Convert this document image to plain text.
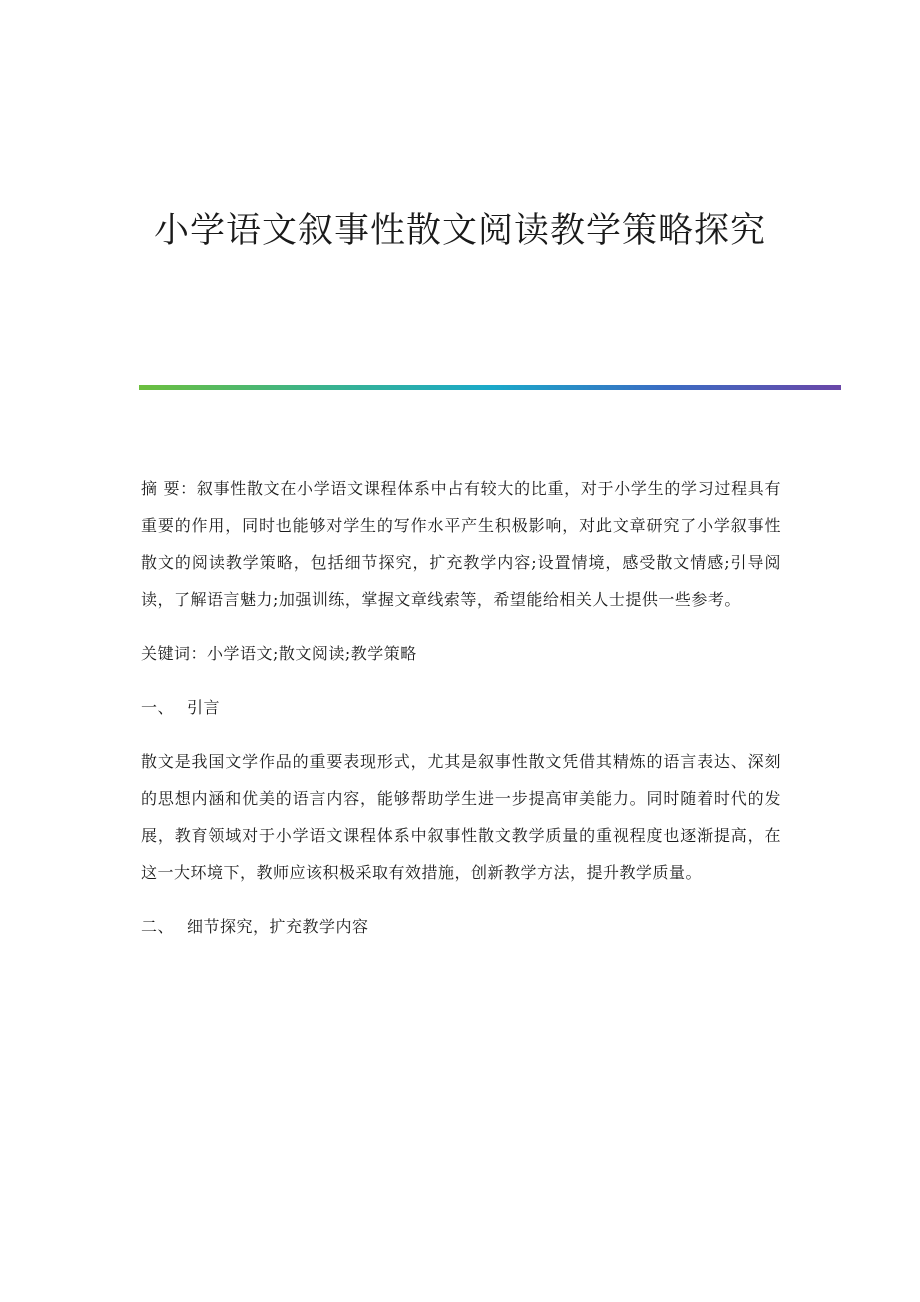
小学语文叙事性散文阅读教学策略探究

摘 要：叙事性散文在小学语文课程体系中占有较大的比重，对于小学生的学习过程具有重要的作用，同时也能够对学生的写作水平产生积极影响，对此文章研究了小学叙事性散文的阅读教学策略，包括细节探究，扩充教学内容;设置情境，感受散文情感;引导阅读，了解语言魅力;加强训练，掌握文章线索等，希望能给相关人士提供一些参考。

关键词：小学语文;散文阅读;教学策略

一、 引言

散文是我国文学作品的重要表现形式，尤其是叙事性散文凭借其精炼的语言表达、深刻的思想内涵和优美的语言内容，能够帮助学生进一步提高审美能力。同时随着时代的发展，教育领域对于小学语文课程体系中叙事性散文教学质量的重视程度也逐渐提高，在这一大环境下，教师应该积极采取有效措施，创新教学方法，提升教学质量。

二、 细节探究，扩充教学内容
